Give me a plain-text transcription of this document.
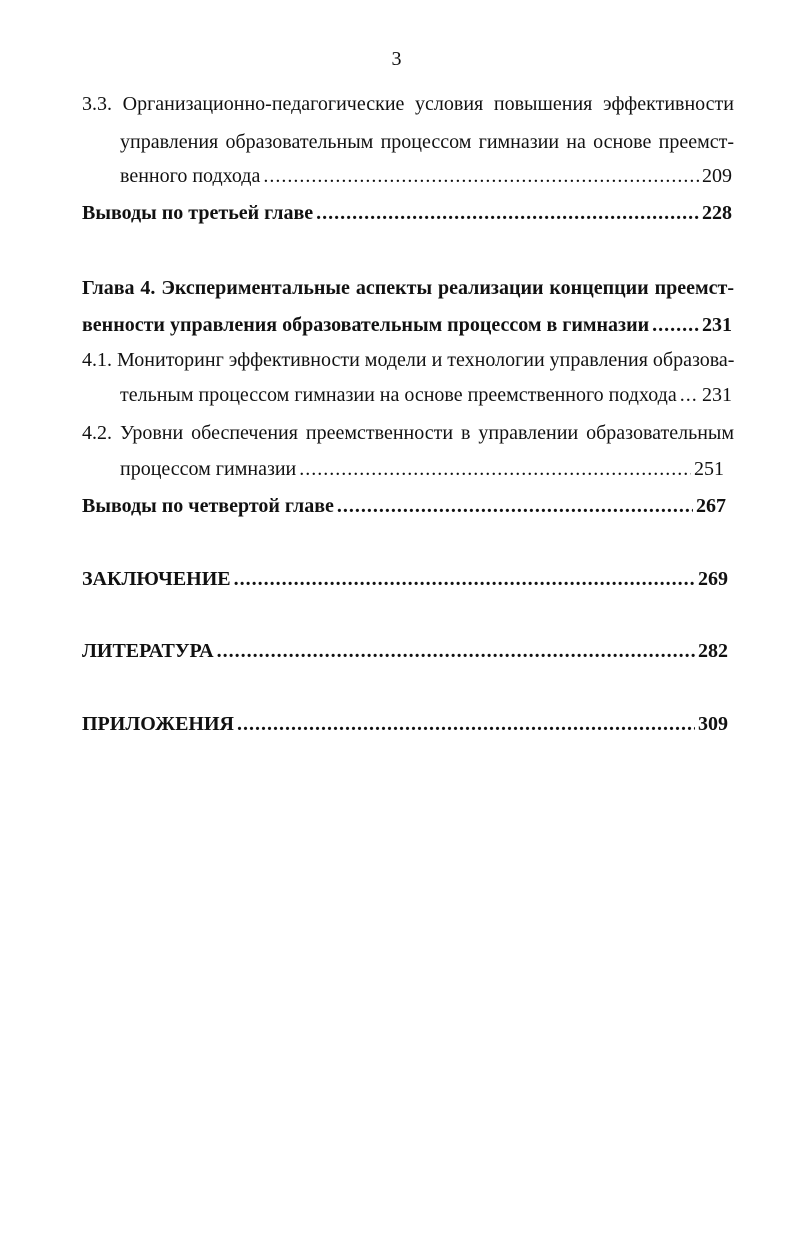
3
3.3. Организационно-педагогические условия повышения эффективности
управления образовательным процессом гимназии на основе преемст-
венного подхода .....	209
Выводы по третьей главе .....	228
Глава 4. Экспериментальные аспекты реализации концепции преемст-
венности управления образовательным процессом в гимназии .....	231
4.1. Мониторинг эффективности модели и технологии управления образова-
тельным процессом гимназии на основе преемственного подхода ..... 231
4.2. Уровни обеспечения преемственности в управлении образовательным
процессом гимназии .....	251
Выводы по четвертой главе .....	267
ЗАКЛЮЧЕНИЕ .....	269
ЛИТЕРАТУРА .....	282
ПРИЛОЖЕНИЯ .....	309
